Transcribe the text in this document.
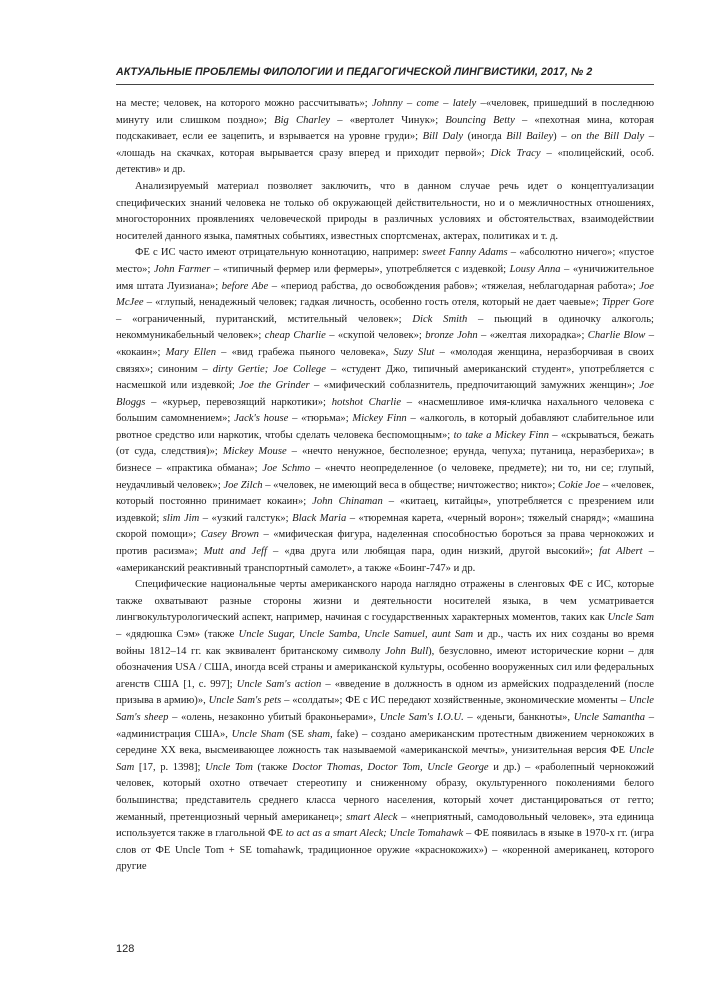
АКТУАЛЬНЫЕ ПРОБЛЕМЫ ФИЛОЛОГИИ И ПЕДАГОГИЧЕСКОЙ ЛИНГВИСТИКИ, 2017, № 2

на месте; человек, на которого можно рассчитывать»; Johnny – come – lately –«человек, пришедший в последнюю минуту или слишком поздно»; Big Charley – «вертолет Чинук»; Bouncing Betty – «пехотная мина, которая подскакивает, если ее зацепить, и взрывается на уровне груди»; Bill Daly (иногда Bill Bailey) – on the Bill Daly – «лошадь на скачках, которая вырывается сразу вперед и приходит первой»; Dick Tracy – «полицейский, особ. детектив» и др.

Анализируемый материал позволяет заключить, что в данном случае речь идет о концептуализации специфических знаний человека не только об окружающей действительности, но и о межличностных отношениях, многосторонних проявлениях человеческой природы в различных условиях и обстоятельствах, взаимодействии носителей данного языка, памятных событиях, известных спортсменах, актерах, политиках и т. д.

ФЕ с ИС часто имеют отрицательную коннотацию, например: sweet Fanny Adams – «абсолютно ничего»; «пустое место»; John Farmer – «типичный фермер или фермеры», употребляется с издевкой; Lousy Anna – «уничижительное имя штата Луизиана»; before Abe – «период рабства, до освобождения рабов»; «тяжелая, неблагодарная работа»; Joe McJee – «глупый, ненадежный человек; гадкая личность, особенно гость отеля, который не дает чаевые»; Tipper Gore – «ограниченный, пуританский, мстительный человек»; Dick Smith – пьющий в одиночку алкоголь; некоммуникабельный человек»; cheap Charlie – «скупой человек»; bronze John – «желтая лихорадка»; Charlie Blow – «кокаин»; Mary Ellen – «вид грабежа пьяного человека», Suzy Slut – «молодая женщина, неразборчивая в своих связях»; синоним – dirty Gertie; Joe College – «студент Джо, типичный американский студент», употребляется с насмешкой или издевкой; Joe the Grinder – «мифический соблазнитель, предпочитающий замужних женщин»; Joe Bloggs – «курьер, перевозящий наркотики»; hotshot Charlie – «насмешливое имя-кличка нахального человека с большим самомнением»; Jack's house – «тюрьма»; Mickey Finn – «алкоголь, в который добавляют слабительное или рвотное средство или наркотик, чтобы сделать человека беспомощным»; to take a Mickey Finn – «скрываться, бежать (от суда, следствия)»; Mickey Mouse – «нечто ненужное, бесполезное; ерунда, чепуха; путаница, неразбериха»; в бизнесе – «практика обмана»; Joe Schmo – «нечто неопределенное (о человеке, предмете); ни то, ни се; глупый, неудачливый человек»; Joe Zilch – «человек, не имеющий веса в обществе; ничтожество; никто»; Cokie Joe – «человек, который постоянно принимает кокаин»; John Chinaman – «китаец, китайцы», употребляется с презрением или издевкой; slim Jim – «узкий галстук»; Black Maria – «тюремная карета, «черный ворон»; тяжелый снаряд»; «машина скорой помощи»; Casey Brown – «мифическая фигура, наделенная способностью бороться за права чернокожих и против расизма»; Mutt and Jeff – «два друга или любящая пара, один низкий, другой высокий»; fat Albert – «американский реактивный транспортный самолет», а также «Боинг-747» и др.

Специфические национальные черты американского народа наглядно отражены в сленговых ФЕ с ИС, которые также охватывают разные стороны жизни и деятельности носителей языка, в чем усматривается лингвокультурологический аспект, например, начиная с государственных характерных моментов, таких как Uncle Sam – «дядюшка Сэм» (также Uncle Sugar, Uncle Samba, Uncle Samuel, aunt Sam и др., часть их них созданы во время войны 1812–14 гг. как эквивалент британскому символу John Bull), безусловно, имеют исторические корни – для обозначения USA / США, иногда всей страны и американской культуры, особенно вооруженных сил или федеральных агенств США [1, с. 997]; Uncle Sam's action – «введение в должность в одном из армейских подразделений (после призыва в армию)», Uncle Sam's pets – «солдаты»; ФЕ с ИС передают хозяйственные, экономические моменты – Uncle Sam's sheep – «олень, незаконно убитый браконьерами», Uncle Sam's I.O.U. – «деньги, банкноты», Uncle Samantha – «администрация США», Uncle Sham (SE sham, fake) – создано американским протестным движением чернокожих в середине XX века, высмеивающее ложность так называемой «американской мечты», унизительная версия ФЕ Uncle Sam [17, p. 1398]; Uncle Tom (также Doctor Thomas, Doctor Tom, Uncle George и др.) – «раболепный чернокожий человек, который охотно отвечает стереотипу и сниженному образу, окультуренного поколениями белого большинства; представитель среднего класса черного населения, который хочет дистанцироваться от гетто; жеманный, претенциозный черный американец»; smart Aleck – «неприятный, самодовольный человек», эта единица используется также в глагольной ФЕ to act as a smart Aleck; Uncle Tomahawk – ФЕ появилась в языке в 1970-х гг. (игра слов от ФЕ Uncle Tom + SE tomahawk, традиционное оружие «краснокожих») – «коренной американец, которого другие

128
